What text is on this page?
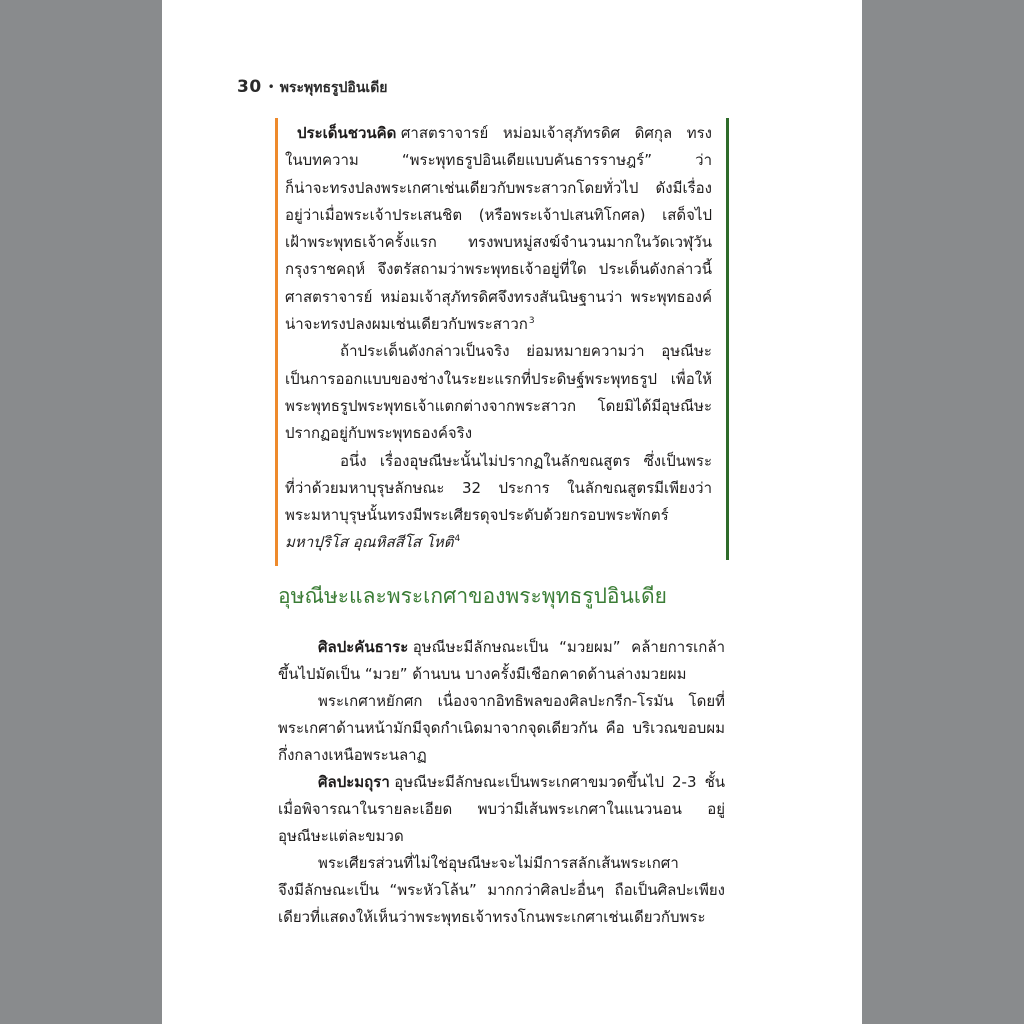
30 • พระพุทธรูปอินเดีย
ประเด็นชวนคิด ศาสตราจารย์ หม่อมเจ้าสุภัทรดิศ ดิศกุล ทรง
ในบทความ “พระพุทธรูปอินเดียแบบคันธารราษฎร์” ว่า
ก็น่าจะทรงปลงพระเกศาเช่นเดียวกับพระสาวกโดยทั่วไป ดังมีเรื่อง
อยู่ว่าเมื่อพระเจ้าประเสนชิต (หรือพระเจ้าปเสนทิโกศล) เสด็จไป
เฝ้าพระพุทธเจ้าครั้งแรก ทรงพบหมู่สงฆ์จำนวนมากในวัดเวฬุวัน
กรุงราชคฤห์ จึงตรัสถามว่าพระพุทธเจ้าอยู่ที่ใด ประเด็นดังกล่าวนี้
ศาสตราจารย์ หม่อมเจ้าสุภัทรดิศจึงทรงสันนิษฐานว่า พระพุทธองค์
น่าจะทรงปลงผมเช่นเดียวกับพระสาวก$^3$
ถ้าประเด็นดังกล่าวเป็นจริง ย่อมหมายความว่า อุษณีษะ
เป็นการออกแบบของช่างในระยะแรกที่ประดิษฐ์พระพุทธรูป เพื่อให้
พระพุทธรูปพระพุทธเจ้าแตกต่างจากพระสาวก โดยมิได้มีอุษณีษะ
ปรากฏอยู่กับพระพุทธองค์จริง
อนึ่ง เรื่องอุษณีษะนั้นไม่ปรากฏในลักขณสูตร ซึ่งเป็นพระ
ที่ว่าด้วยมหาบุรุษลักษณะ 32 ประการ ในลักขณสูตรมีเพียงว่า
พระมหาบุรุษนั้นทรงมีพระเศียรดุจประดับด้วยกรอบพระพักตร์
มหาปุริโส อุณหิสสีโส โหติ$^4$
อุษณีษะและพระเกศาของพระพุทธรูปอินเดีย
ศิลปะคันธาระ อุษณีษะมีลักษณะเป็น “มวยผม” คล้ายการเกล้า
ขึ้นไปมัดเป็น “มวย” ด้านบน บางครั้งมีเชือกคาดด้านล่างมวยผม
พระเกศาหยักศก เนื่องจากอิทธิพลของศิลปะกรีก-โรมัน โดยที่
พระเกศาด้านหน้ามักมีจุดกำเนิดมาจากจุดเดียวกัน คือ บริเวณขอบผม
กึ่งกลางเหนือพระนลาฏ
ศิลปะมถุรา อุษณีษะมีลักษณะเป็นพระเกศาขมวดขึ้นไป 2-3 ชั้น
เมื่อพิจารณาในรายละเอียด พบว่ามีเส้นพระเกศาในแนวนอน อยู่
อุษณีษะแต่ละขมวด
พระเศียรส่วนที่ไม่ใช่อุษณีษะจะไม่มีการสลักเส้นพระเกศา
จึงมีลักษณะเป็น “พระหัวโล้น” มากกว่าศิลปะอื่นๆ ถือเป็นศิลปะเพียง
เดียวที่แสดงให้เห็นว่าพระพุทธเจ้าทรงโกนพระเกศาเช่นเดียวกับพระ
